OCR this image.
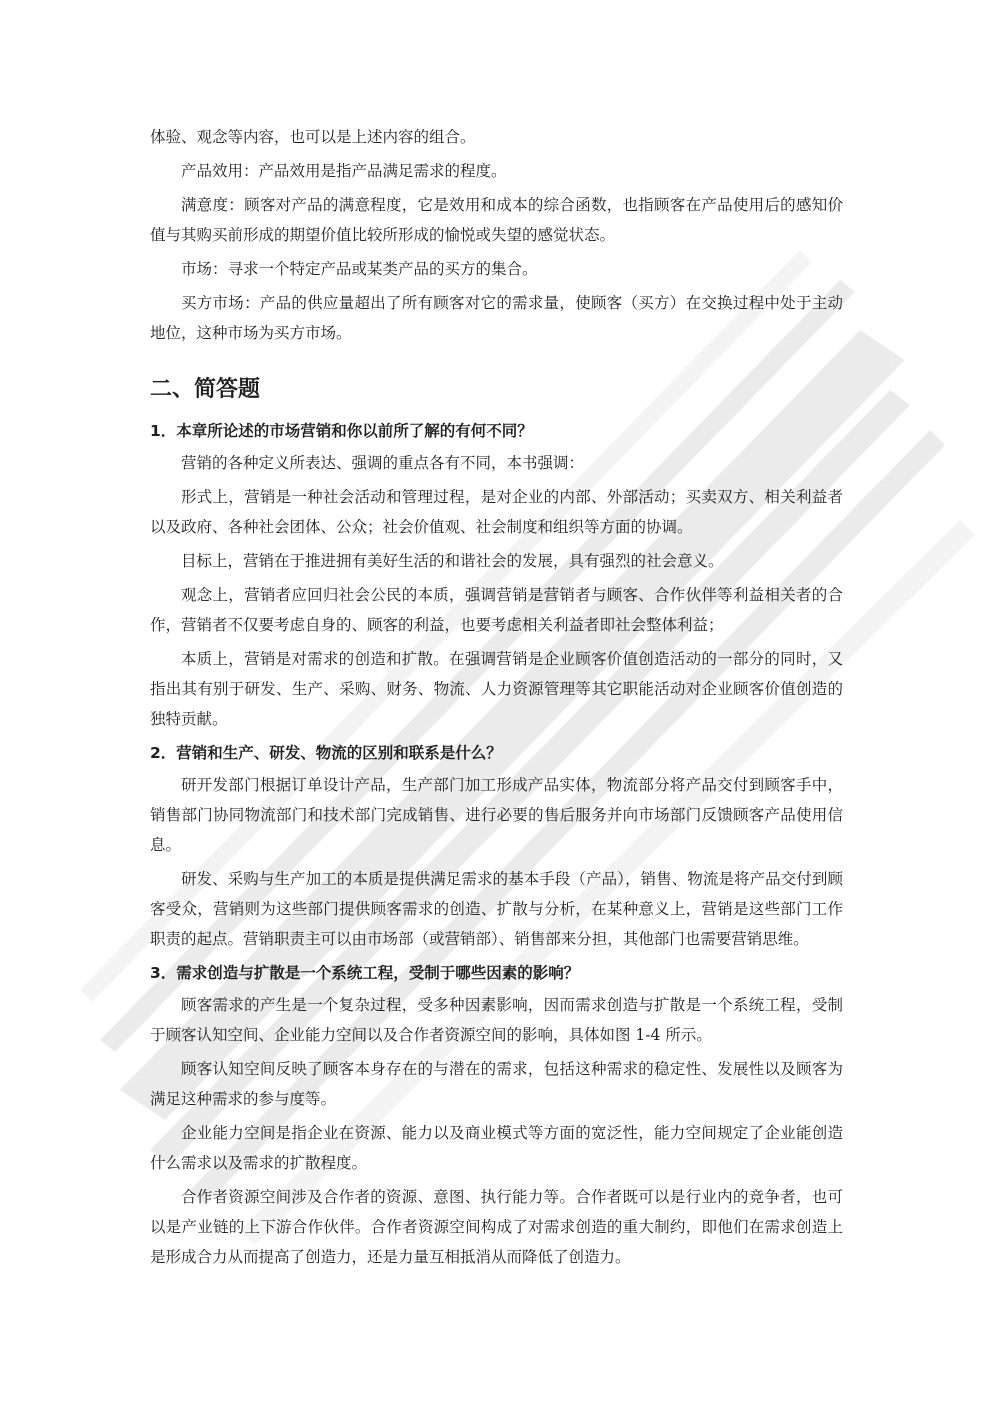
体验、观念等内容，也可以是上述内容的组合。

产品效用：产品效用是指产品满足需求的程度。

满意度：顾客对产品的满意程度，它是效用和成本的综合函数，也指顾客在产品使用后的感知价值与其购买前形成的期望价值比较所形成的愉悦或失望的感觉状态。

市场：寻求一个特定产品或某类产品的买方的集合。

买方市场：产品的供应量超出了所有顾客对它的需求量，使顾客（买方）在交换过程中处于主动地位，这种市场为买方市场。

二、简答题
1．本章所论述的市场营销和你以前所了解的有何不同？

营销的各种定义所表达、强调的重点各有不同，本书强调：

形式上，营销是一种社会活动和管理过程，是对企业的内部、外部活动；买卖双方、相关利益者以及政府、各种社会团体、公众；社会价值观、社会制度和组织等方面的协调。

目标上，营销在于推进拥有美好生活的和谐社会的发展，具有强烈的社会意义。

观念上，营销者应回归社会公民的本质，强调营销是营销者与顾客、合作伙伴等利益相关者的合作，营销者不仅要考虑自身的、顾客的利益，也要考虑相关利益者即社会整体利益；

本质上，营销是对需求的创造和扩散。在强调营销是企业顾客价值创造活动的一部分的同时，又指出其有别于研发、生产、采购、财务、物流、人力资源管理等其它职能活动对企业顾客价值创造的独特贡献。

2．营销和生产、研发、物流的区别和联系是什么？

研开发部门根据订单设计产品，生产部门加工形成产品实体，物流部分将产品交付到顾客手中，销售部门协同物流部门和技术部门完成销售、进行必要的售后服务并向市场部门反馈顾客产品使用信息。

研发、采购与生产加工的本质是提供满足需求的基本手段（产品），销售、物流是将产品交付到顾客受众，营销则为这些部门提供顾客需求的创造、扩散与分析，在某种意义上，营销是这些部门工作职责的起点。营销职责主可以由市场部（或营销部）、销售部来分担，其他部门也需要营销思维。

3．需求创造与扩散是一个系统工程，受制于哪些因素的影响？

顾客需求的产生是一个复杂过程，受多种因素影响，因而需求创造与扩散是一个系统工程，受制于顾客认知空间、企业能力空间以及合作者资源空间的影响，具体如图 1-4 所示。

顾客认知空间反映了顾客本身存在的与潜在的需求，包括这种需求的稳定性、发展性以及顾客为满足这种需求的参与度等。

企业能力空间是指企业在资源、能力以及商业模式等方面的宽泛性，能力空间规定了企业能创造什么需求以及需求的扩散程度。

合作者资源空间涉及合作者的资源、意图、执行能力等。合作者既可以是行业内的竞争者，也可以是产业链的上下游合作伙伴。合作者资源空间构成了对需求创造的重大制约，即他们在需求创造上是形成合力从而提高了创造力，还是力量互相抵消从而降低了创造力。
